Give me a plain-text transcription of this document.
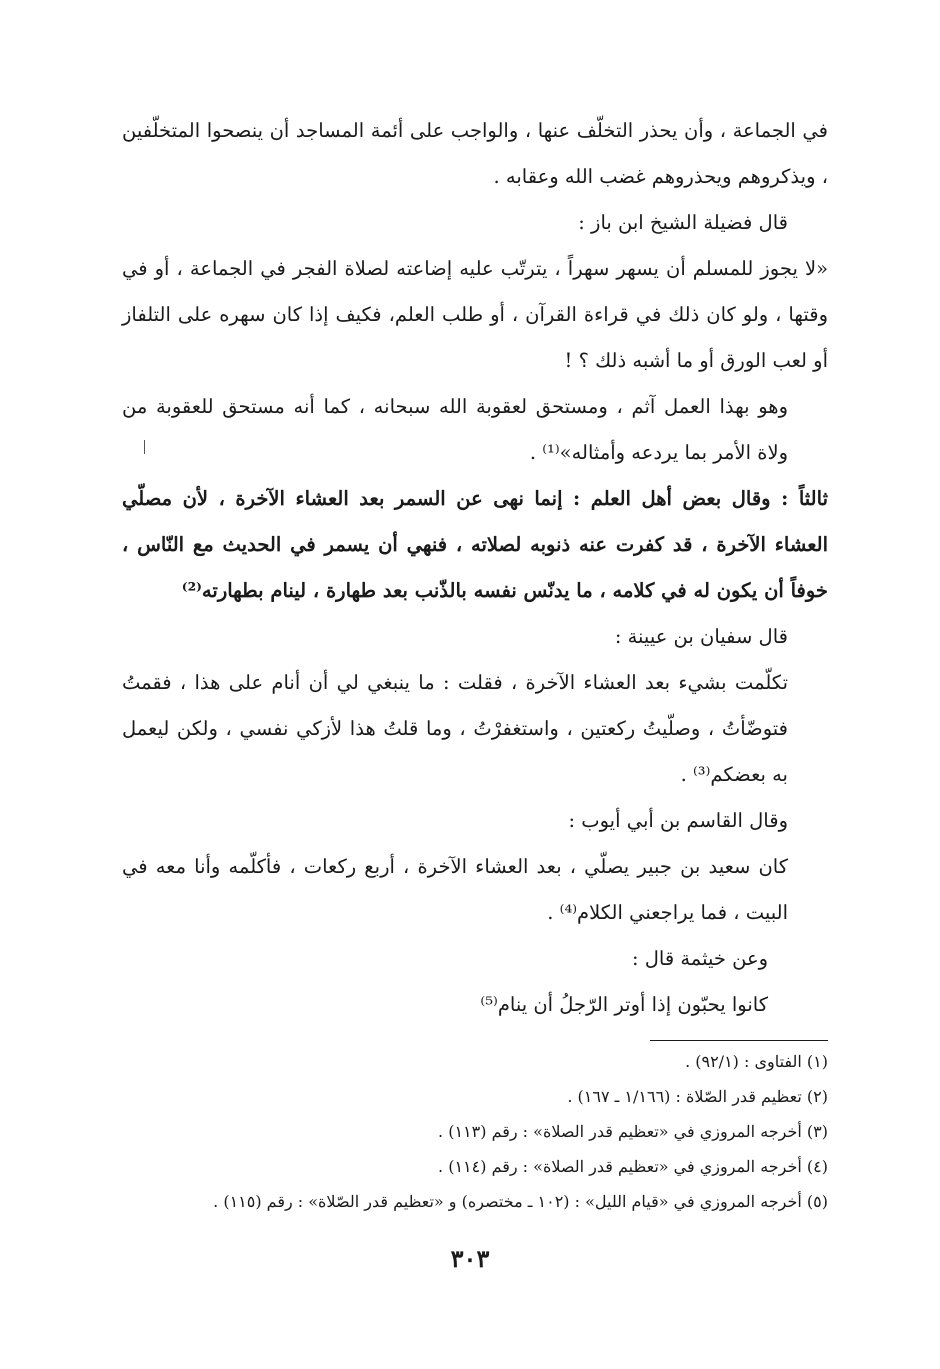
في الجماعة ، وأن يحذر التخلّف عنها ، والواجب على أئمة المساجد أن ينصحوا المتخلّفين ، ويذكروهم ويحذروهم غضب الله وعقابه .

قال فضيلة الشيخ ابن باز :

«لا يجوز للمسلم أن يسهر سهراً ، يترتّب عليه إضاعته لصلاة الفجر في الجماعة ، أو في وقتها ، ولو كان ذلك في قراءة القرآن ، أو طلب العلم، فكيف إذا كان سهره على التلفاز أو لعب الورق أو ما أشبه ذلك ؟ !

وهو بهذا العمل آثم ، ومستحق لعقوبة الله سبحانه ، كما أنه مستحق للعقوبة من ولاة الأمر بما يردعه وأمثاله»⁽¹⁾ .

ثالثاً : وقال بعض أهل العلم : إنما نهى عن السمر بعد العشاء الآخرة ، لأن مصلّي العشاء الآخرة ، قد كفرت عنه ذنوبه لصلاته ، فنهي أن يسمر في الحديث مع النّاس ، خوفاً أن يكون له في كلامه ، ما يدنّس نفسه بالذّنب بعد طهارة ، لينام بطهارته⁽²⁾

قال سفيان بن عيينة :

تكلّمت بشيء بعد العشاء الآخرة ، فقلت : ما ينبغي لي أن أنام على هذا ، فقمتُ فتوضّأتُ ، وصلّيتُ ركعتين ، واستغفرْتُ ، وما قلتُ هذا لأزكي نفسي ، ولكن ليعمل به بعضكم⁽³⁾ .

وقال القاسم بن أبي أيوب :

كان سعيد بن جبير يصلّي ، بعد العشاء الآخرة ، أربع ركعات ، فأكلّمه وأنا معه في البيت ، فما يراجعني الكلام⁽⁴⁾ .

وعن خيثمة قال :

كانوا يحبّون إذا أوتر الرّجلُ أن ينام⁽⁵⁾

(١) الفتاوى : (٩٢/١) .

(٢) تعظيم قدر الصّلاة : (١/١٦٦ ـ ١٦٧) .

(٣) أخرجه المروزي في «تعظيم قدر الصلاة» : رقم (١١٣) .

(٤) أخرجه المروزي في «تعظيم قدر الصلاة» : رقم (١١٤) .

(٥) أخرجه المروزي في «قيام الليل» : (١٠٢ ـ مختصره) و «تعظيم قدر الصّلاة» : رقم (١١٥) .

٣٠٣
